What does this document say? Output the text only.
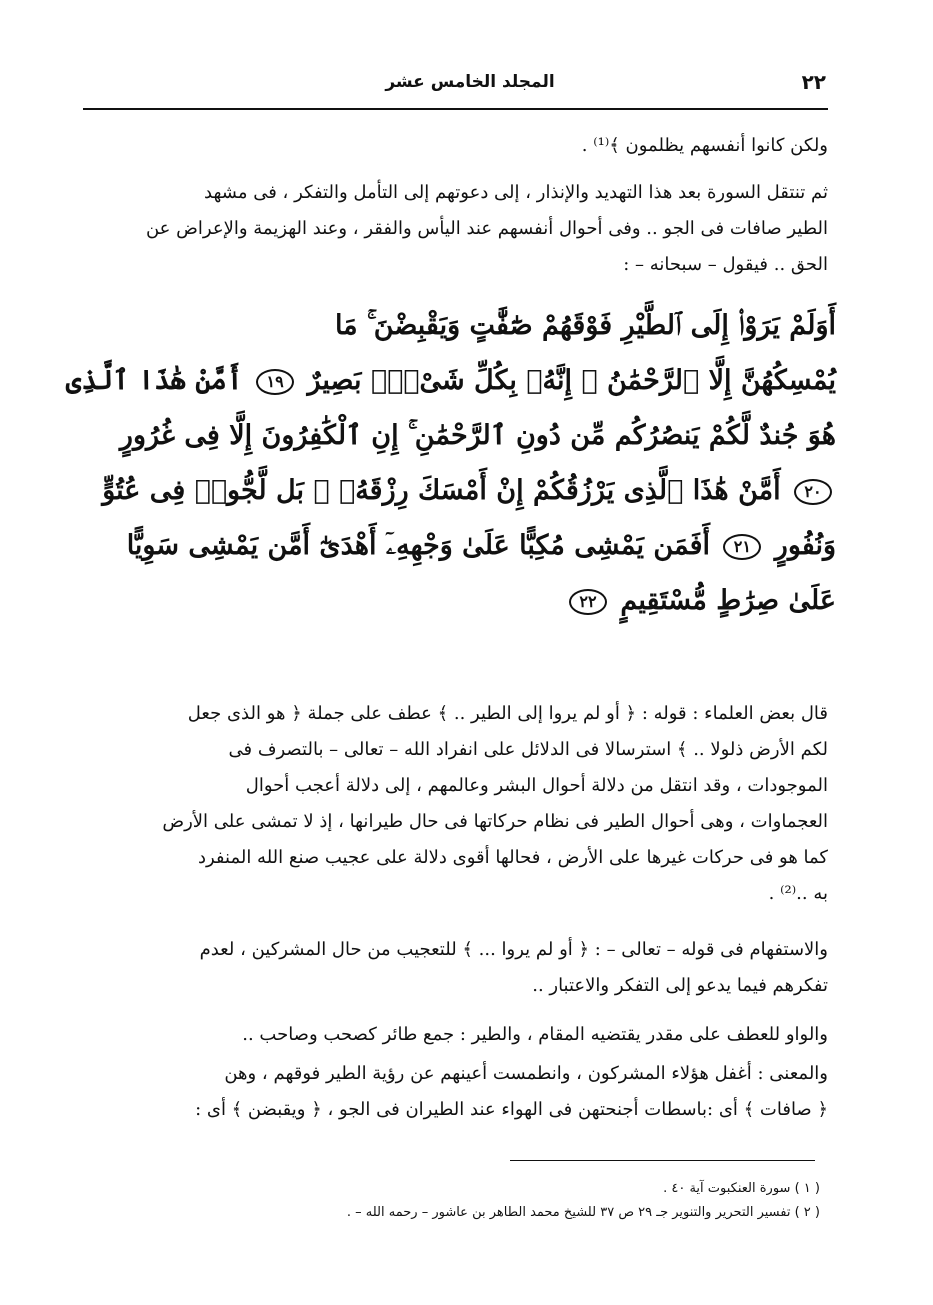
٢٢
المجلد الخامس عشر
ولكن كانوا أنفسهم يظلمون ﴾⁽¹⁾ .
ثم تنتقل السورة بعد هذا التهديد والإنذار ، إلى دعوتهم إلى التأمل والتفكر ، فى مشهد
الطير صافات فى الجو .. وفى أحوال أنفسهم عند اليأس والفقر ، وعند الهزيمة والإعراض عن
الحق .. فيقول – سبحانه – :
أَوَلَمْ يَرَوْا۟ إِلَى ٱلطَّيْرِ فَوْقَهُمْ صَٰٓفَّٰتٍ وَيَقْبِضْنَ ۚ مَا
يُمْسِكُهُنَّ إِلَّا ٱلرَّحْمَٰنُ ۚ إِنَّهُۥ بِكُلِّ شَىْءٍۭ بَصِيرٌ ١٩ أَمَّنْ هَٰذَا ٱلَّذِى
هُوَ جُندٌ لَّكُمْ يَنصُرُكُم مِّن دُونِ ٱلرَّحْمَٰنِ ۚ إِنِ ٱلْكَٰفِرُونَ إِلَّا فِى غُرُورٍ
٢٠ أَمَّنْ هَٰذَا ٱلَّذِى يَرْزُقُكُمْ إِنْ أَمْسَكَ رِزْقَهُۥ ۚ بَل لَّجُّوا۟ فِى عُتُوٍّ
وَنُفُورٍ ٢١ أَفَمَن يَمْشِى مُكِبًّا عَلَىٰ وَجْهِهِۦٓ أَهْدَىٰٓ أَمَّن يَمْشِى سَوِيًّا
عَلَىٰ صِرَٰطٍ مُّسْتَقِيمٍ ٢٢
قال بعض العلماء : قوله : ﴿ أو لم يروا إلى الطير .. ﴾ عطف على جملة ﴿ هو الذى جعل
لكم الأرض ذلولا .. ﴾ استرسالا فى الدلائل على انفراد الله – تعالى – بالتصرف فى
الموجودات ، وقد انتقل من دلالة أحوال البشر وعالمهم ، إلى دلالة أعجب أحوال
العجماوات ، وهى أحوال الطير فى نظام حركاتها فى حال طيرانها ، إذ لا تمشى على الأرض
كما هو فى حركات غيرها على الأرض ، فحالها أقوى دلالة على عجيب صنع الله المنفرد
به ..⁽²⁾ .
والاستفهام فى قوله – تعالى – : ﴿ أو لم يروا ... ﴾ للتعجيب من حال المشركين ، لعدم
تفكرهم فيما يدعو إلى التفكر والاعتبار ..
والواو للعطف على مقدر يقتضيه المقام ، والطير : جمع طائر كصحب وصاحب ..
والمعنى : أغفل هؤلاء المشركون ، وانطمست أعينهم عن رؤية الطير فوقهم ، وهن
﴿ صافات ﴾ أى :باسطات أجنحتهن فى الهواء عند الطيران فى الجو ، ﴿ ويقبضن ﴾ أى :
( ١ ) سورة العنكبوت آية ٤٠ .
( ٢ ) تفسير التحرير والتنوير جـ ٢٩ ص ٣٧ للشيخ محمد الطاهر بن عاشور – رحمه الله – .
